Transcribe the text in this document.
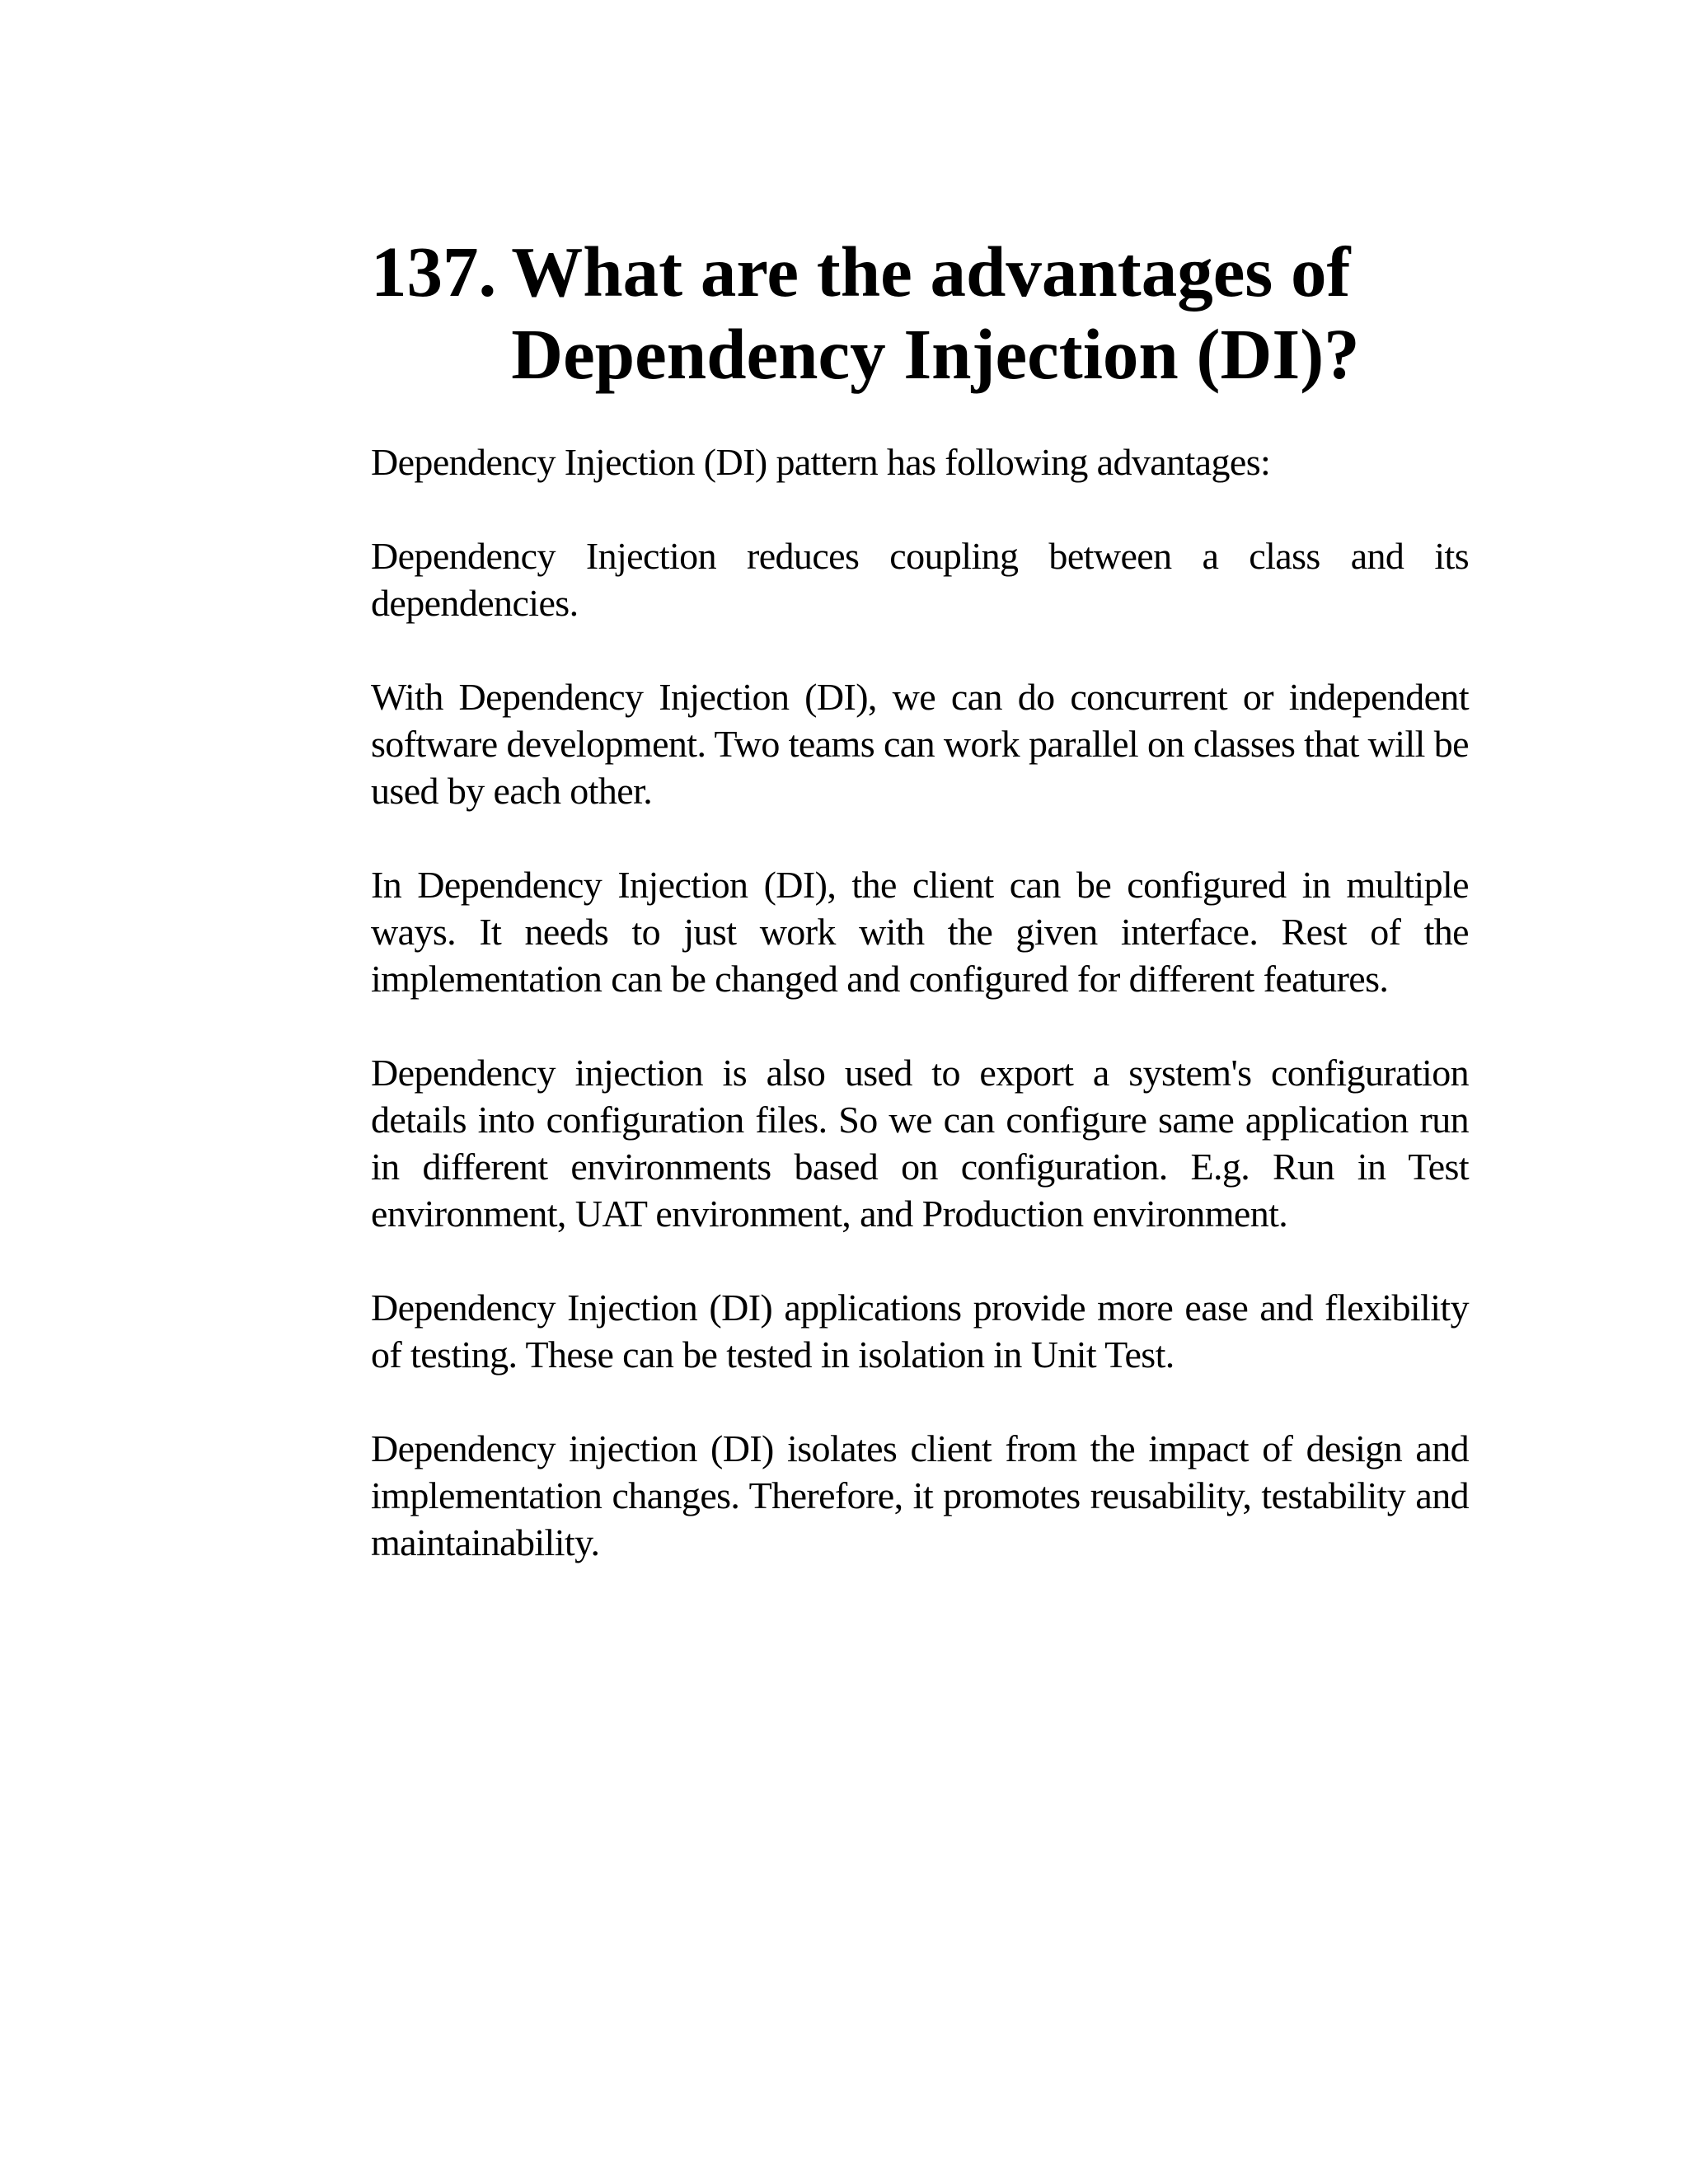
137. What are the advantages of Dependency Injection (DI)?

Dependency Injection (DI) pattern has following advantages:

Dependency Injection reduces coupling between a class and its dependencies.

With Dependency Injection (DI), we can do concurrent or independent software development. Two teams can work parallel on classes that will be used by each other.

In Dependency Injection (DI), the client can be configured in multiple ways. It needs to just work with the given interface. Rest of the implementation can be changed and configured for different features.

Dependency injection is also used to export a system's configuration details into configuration files. So we can configure same application run in different environments based on configuration. E.g. Run in Test environment, UAT environment, and Production environment.

Dependency Injection (DI) applications provide more ease and flexibility of testing. These can be tested in isolation in Unit Test.

Dependency injection (DI) isolates client from the impact of design and implementation changes. Therefore, it promotes reusability, testability and maintainability.
